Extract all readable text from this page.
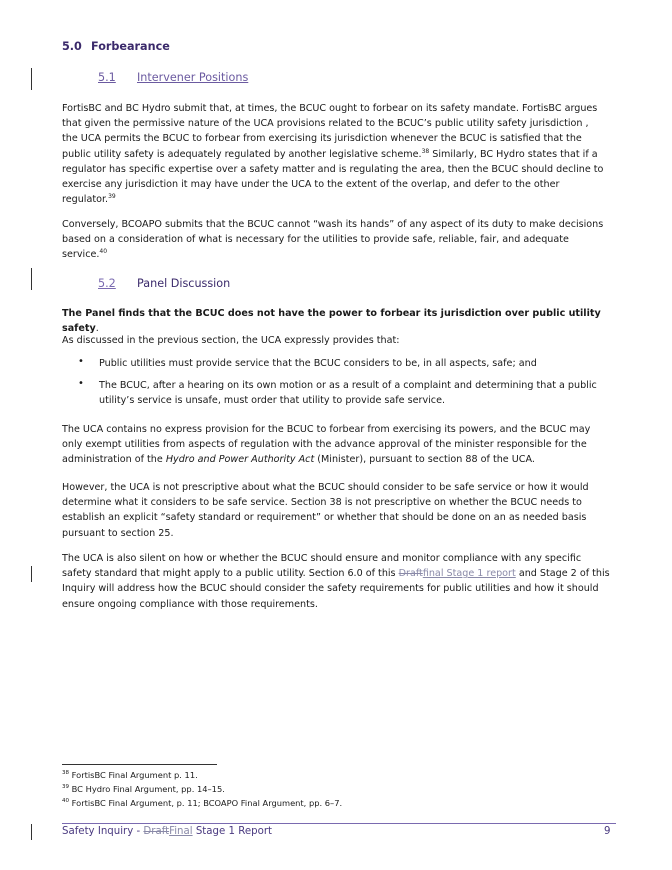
5.0 Forbearance
5.1 Intervener Positions
FortisBC and BC Hydro submit that, at times, the BCUC ought to forbear on its safety mandate. FortisBC argues
that given the permissive nature of the UCA provisions related to the BCUC’s public utility safety jurisdiction ,
the UCA permits the BCUC to forbear from exercising its jurisdiction whenever the BCUC is satisfied that the
public utility safety is adequately regulated by another legislative scheme.$^{38}$ Similarly, BC Hydro states that if a
regulator has specific expertise over a safety matter and is regulating the area, then the BCUC should decline to
exercise any jurisdiction it may have under the UCA to the extent of the overlap, and defer to the other
regulator.$^{39}$
Conversely, BCOAPO submits that the BCUC cannot “wash its hands” of any aspect of its duty to make decisions
based on a consideration of what is necessary for the utilities to provide safe, reliable, fair, and adequate
service.$^{40}$
5.2 Panel Discussion
The Panel finds that the BCUC does not have the power to forbear its jurisdiction over public utility safety.
As discussed in the previous section, the UCA expressly provides that:
• Public utilities must provide service that the BCUC considers to be, in all aspects, safe; and
• The BCUC, after a hearing on its own motion or as a result of a complaint and determining that a public
utility’s service is unsafe, must order that utility to provide safe service.
The UCA contains no express provision for the BCUC to forbear from exercising its powers, and the BCUC may
only exempt utilities from aspects of regulation with the advance approval of the minister responsible for the
administration of the Hydro and Power Authority Act (Minister), pursuant to section 88 of the UCA.
However, the UCA is not prescriptive about what the BCUC should consider to be safe service or how it would
determine what it considers to be safe service. Section 38 is not prescriptive on whether the BCUC needs to
establish an explicit “safety standard or requirement” or whether that should be done on an as needed basis
pursuant to section 25.
The UCA is also silent on how or whether the BCUC should ensure and monitor compliance with any specific
safety standard that might apply to a public utility. Section 6.0 of this Draftfinal Stage 1 report and Stage 2 of this
Inquiry will address how the BCUC should consider the safety requirements for public utilities and how it should
ensure ongoing compliance with those requirements.
$^{38}$ FortisBC Final Argument p. 11.
$^{39}$ BC Hydro Final Argument, pp. 14–15.
$^{40}$ FortisBC Final Argument, p. 11; BCOAPO Final Argument, pp. 6–7.
Safety Inquiry - DraftFinal Stage 1 Report	9
